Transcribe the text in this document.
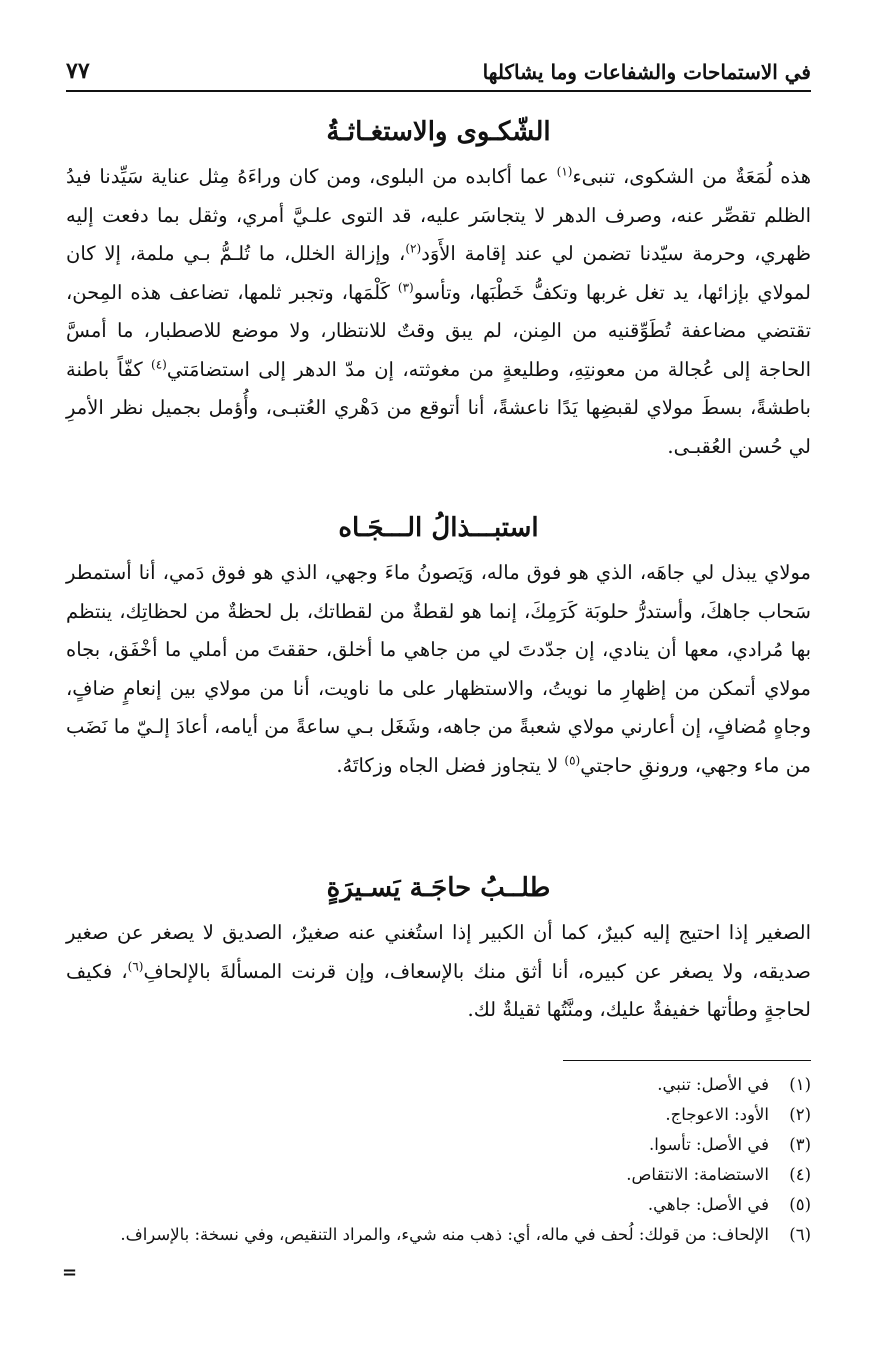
في الاستماحات والشفاعات وما يشاكلها
٧٧
الشّكـوى والاستغـاثـةُ

هذه لُمَعَةٌ من الشكوى، تنبىء$^{(١)}$ عما أكابده من البلوى، ومن كان وراءَهُ مِثل عناية سَيِّدنا فيدُ الظلم تقصِّر عنه، وصرف الدهر لا يتجاسَر عليه، قد التوى علـيَّ أمري، وثقل بما دفعت إليه ظهري، وحرمة سيّدنا تضمن لي عند إقامة الأَوَد$^{(٢)}$، وإزالة الخلل، ما تُلـمُّ بـي ملمة، إلا كان لمولاي بإزائها، يد تغل غربها وتكفُّ خَطْبَها، وتأسو$^{(٣)}$ كَلْمَها، وتجبر ثلمها، تضاعف هذه المِحن، تقتضي مضاعفة تُطَوِّقنيه من المِنن، لم يبق وقتٌ للانتظار، ولا موضع للاصطبار، ما أمسَّ الحاجة إلى عُجالة من معونتِهِ، وطليعةٍ من مغوثته، إن مدّ الدهر إلى استضامَتي$^{(٤)}$ كفّاً باطنة باطشةً، بسطَ مولاي لقبضِها يَدًا ناعشةً، أنا أتوقع من دَهْري العُتبـى، وأُؤمل بجميل نظر الأمرِ لي حُسن العُقبـى.

استبـــذالُ الـــجَـاه

مولاي يبذل لي جاهَه، الذي هو فوق ماله، وَيَصونُ ماءَ وجهي، الذي هو فوق دَمي، أنا أستمطر سَحاب جاهكَ، وأستدرُّ حلوبَة كَرَمِكَ، إنما هو لقطةٌ من لقطاتك، بل لحظةٌ من لحظاتِك، ينتظم بها مُرادي، معها أن ينادي، إن جدّدتَ لي من جاهي ما أخلق، حققتَ من أملي ما أخْفَق، بجاه مولاي أتمكن من إظهارِ ما نويتُ، والاستظهار على ما ناويت، أنا من مولاي بين إنعامٍ ضافٍ، وجاهٍ مُضافٍ، إن أعارني مولاي شعبةً من جاهه، وشَغَل بـي ساعةً من أيامه، أعادَ إلـيّ ما نَضَب من ماء وجهي، ورونقِ حاجتي$^{(٥)}$ لا يتجاوز فضل الجاه وزكاتَهُ.

طلــبُ حاجَـة يَسـيرَةٍ

الصغير إذا احتيج إليه كبيرٌ، كما أن الكبير إذا استُغني عنه صغيرٌ، الصديق لا يصغر عن صغير صديقه، ولا يصغر عن كبيره، أنا أثق منك بالإسعاف، وإن قرنت المسألةَ بالإلحافِ$^{(٦)}$، فكيف لحاجةٍ وطأتها خفيفةٌ عليك، ومنَّتُها ثقيلةٌ لك.

(١)
في الأصل: تنبي.
(٢)
الأود: الاعوجاج.
(٣)
في الأصل: تأسوا.
(٤)
الاستضامة: الانتقاص.
(٥)
في الأصل: جاهي.
(٦)
الإلحاف: من قولك: لُحف في ماله، أي: ذهب منه شيء، والمراد التنقيص، وفي نسخة: بالإسراف.
=
